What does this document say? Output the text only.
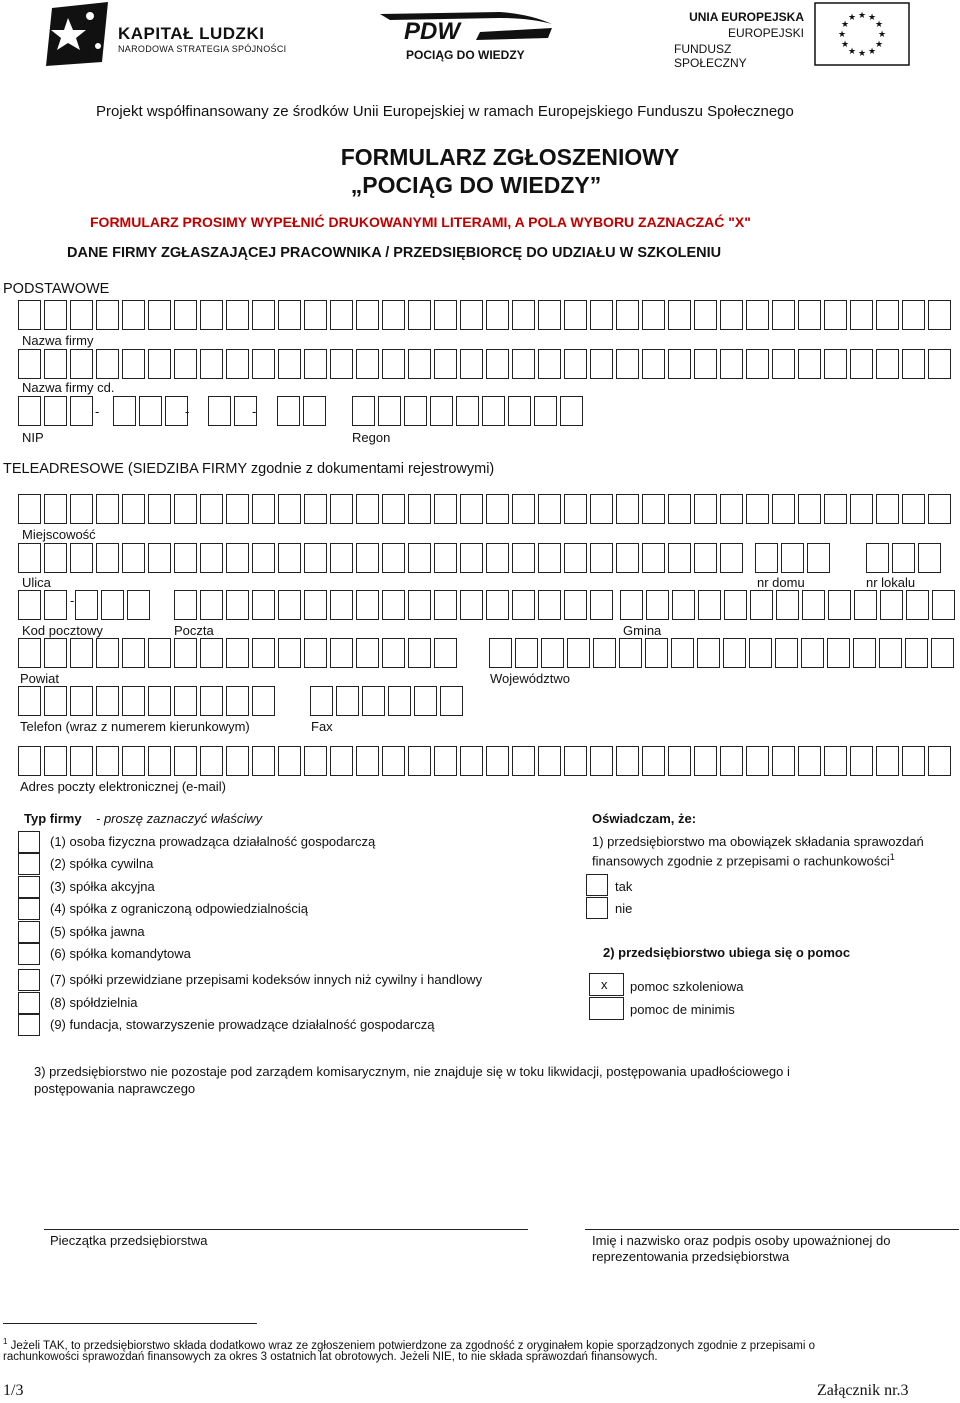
KAPITAŁ LUDZKI
NARODOWA STRATEGIA SPÓJNOŚCI
PDW
POCIĄG DO WIEDZY
UNIA EUROPEJSKA
EUROPEJSKI
FUNDUSZ SPOŁECZNY
★ ★
★
★
★
★
★
★
★
★
★
★
Projekt współfinansowany ze środków Unii Europejskiej w ramach Europejskiego Funduszu Społecznego
FORMULARZ ZGŁOSZENIOWY
„POCIĄG DO WIEDZY”
FORMULARZ PROSIMY WYPEŁNIĆ DRUKOWANYMI LITERAMI, A POLA WYBORU ZAZNACZAĆ "X"
DANE FIRMY ZGŁASZAJĄCEJ PRACOWNIKA / PRZEDSIĘBIORCĘ DO UDZIAŁU W SZKOLENIU
PODSTAWOWE
Nazwa firmy
Nazwa firmy cd.
-	-	-
NIP	Regon
TELEADRESOWE (SIEDZIBA FIRMY zgodnie z dokumentami rejestrowymi)
Miejscowość
Ulica	nr domu	nr lokalu
-
Kod pocztowy	Poczta	Gmina
Powiat	Województwo
Telefon (wraz z numerem kierunkowym)	Fax
Adres poczty elektronicznej (e-mail)
Typ firmy - proszę zaznaczyć właściwy
(1) osoba fizyczna prowadząca działalność gospodarczą
(2) spółka cywilna
(3) spółka akcyjna
(4) spółka z ograniczoną odpowiedzialnością
(5) spółka jawna
(6) spółka komandytowa
(7) spółki przewidziane przepisami kodeksów innych niż cywilny i handlowy
(8) spółdzielnia
(9) fundacja, stowarzyszenie prowadzące działalność gospodarczą
Oświadczam, że:
1) przedsiębiorstwo ma obowiązek składania sprawozdań
finansowych zgodnie z przepisami o rachunkowości$^1$
tak
nie
2) przedsiębiorstwo ubiega się o pomoc
x pomoc szkoleniowa
pomoc de minimis
3) przedsiębiorstwo nie pozostaje pod zarządem komisarycznym, nie znajduje się w toku likwidacji, postępowania upadłościowego i
postępowania naprawczego
Pieczątka przedsiębiorstwa	Imię i nazwisko oraz podpis osoby upoważnionej do
reprezentowania przedsiębiorstwa
$^1$ Jeżeli TAK, to przedsiębiorstwo składa dodatkowo wraz ze zgłoszeniem potwierdzone za zgodność z oryginałem kopie sporządzonych zgodnie z przepisami o
rachunkowości sprawozdań finansowych za okres 3 ostatnich lat obrotowych. Jeżeli NIE, to nie składa sprawozdań finansowych.
1/3	Załącznik nr.3
